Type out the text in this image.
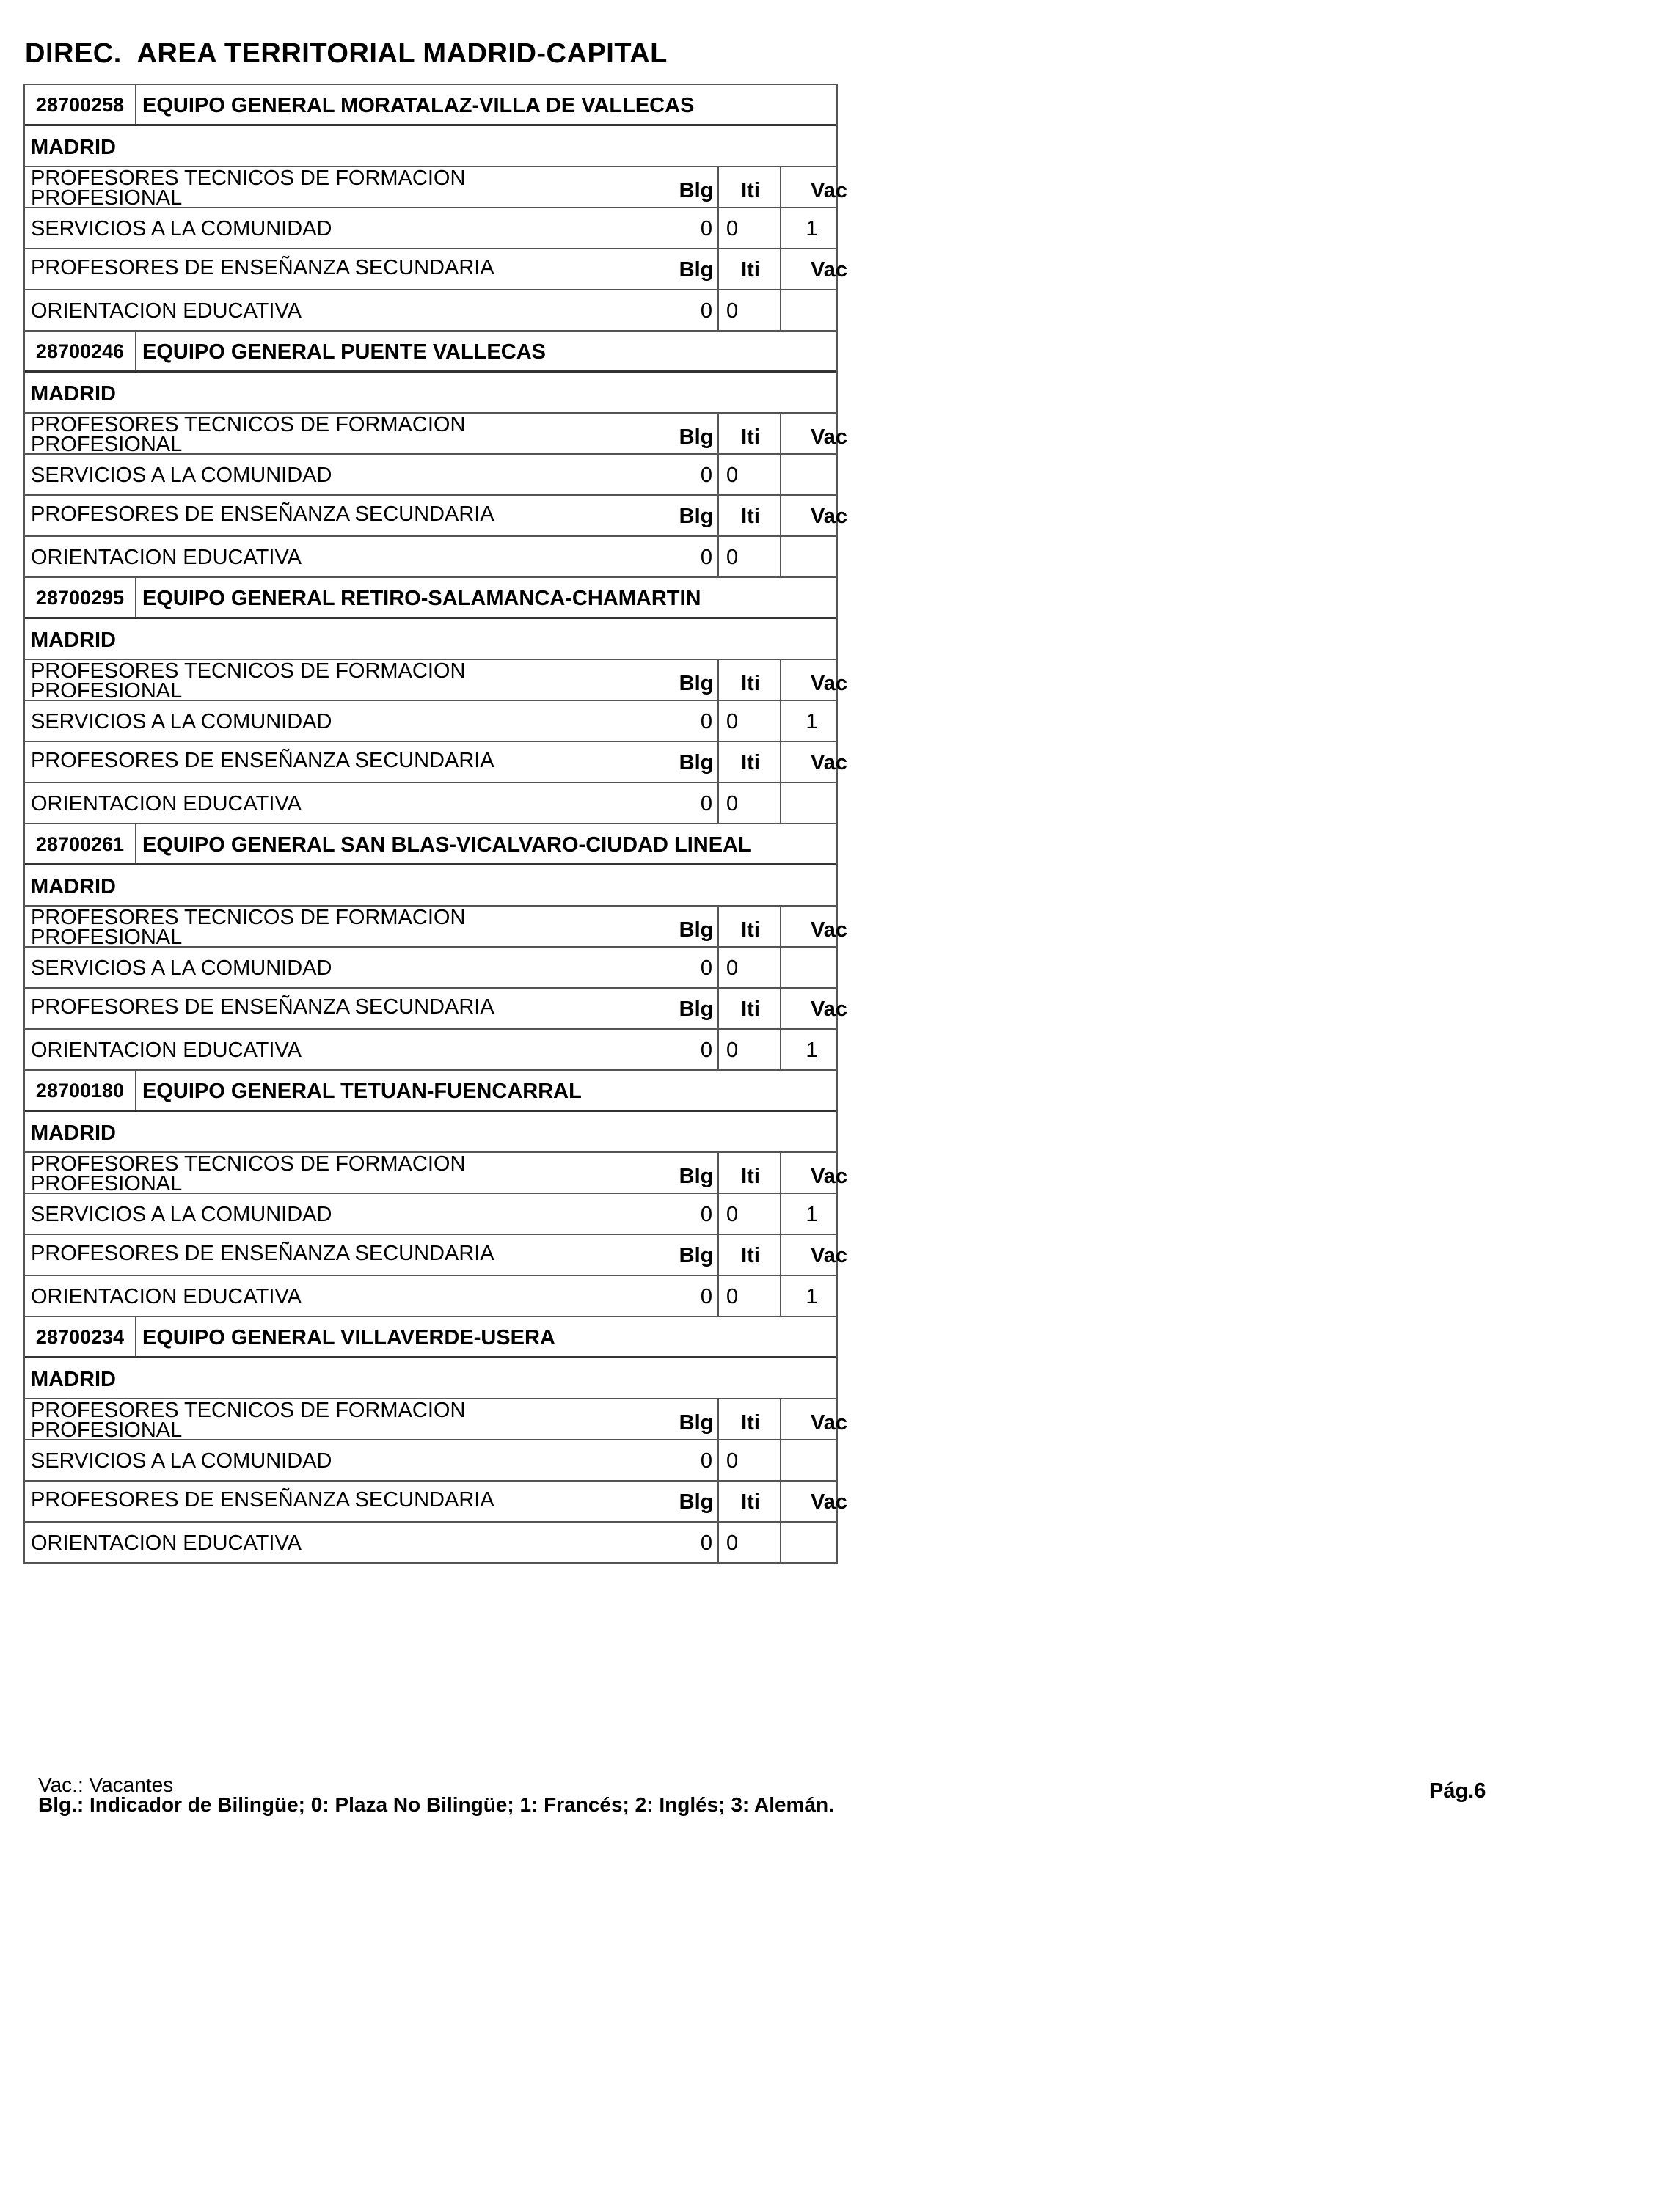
DIREC.  AREA TERRITORIAL MADRID-CAPITAL
28700258 EQUIPO GENERAL MORATALAZ-VILLA DE VALLECAS
MADRID
PROFESORES TECNICOS DE FORMACION
PROFESIONAL	Blg	Iti	Vac
SERVICIOS A LA COMUNIDAD	0 0	1
PROFESORES DE ENSEÑANZA SECUNDARIA	Blg	Iti	Vac
ORIENTACION EDUCATIVA	0 0
28700246 EQUIPO GENERAL PUENTE VALLECAS
MADRID
PROFESORES TECNICOS DE FORMACION
PROFESIONAL	Blg	Iti	Vac
SERVICIOS A LA COMUNIDAD	0 0
PROFESORES DE ENSEÑANZA SECUNDARIA	Blg	Iti	Vac
ORIENTACION EDUCATIVA	0 0
28700295 EQUIPO GENERAL RETIRO-SALAMANCA-CHAMARTIN
MADRID
PROFESORES TECNICOS DE FORMACION
PROFESIONAL	Blg	Iti	Vac
SERVICIOS A LA COMUNIDAD	0 0	1
PROFESORES DE ENSEÑANZA SECUNDARIA	Blg	Iti	Vac
ORIENTACION EDUCATIVA	0 0
28700261 EQUIPO GENERAL SAN BLAS-VICALVARO-CIUDAD LINEAL
MADRID
PROFESORES TECNICOS DE FORMACION
PROFESIONAL	Blg	Iti	Vac
SERVICIOS A LA COMUNIDAD	0 0
PROFESORES DE ENSEÑANZA SECUNDARIA	Blg	Iti	Vac
ORIENTACION EDUCATIVA	0 0	1
28700180 EQUIPO GENERAL TETUAN-FUENCARRAL
MADRID
PROFESORES TECNICOS DE FORMACION
PROFESIONAL	Blg	Iti	Vac
SERVICIOS A LA COMUNIDAD	0 0	1
PROFESORES DE ENSEÑANZA SECUNDARIA	Blg	Iti	Vac
ORIENTACION EDUCATIVA	0 0	1
28700234 EQUIPO GENERAL VILLAVERDE-USERA
MADRID
PROFESORES TECNICOS DE FORMACION
PROFESIONAL	Blg	Iti	Vac
SERVICIOS A LA COMUNIDAD	0 0
PROFESORES DE ENSEÑANZA SECUNDARIA	Blg	Iti	Vac
ORIENTACION EDUCATIVA	0 0
Vac.: Vacantes
Blg.: Indicador de Bilingüe; 0: Plaza No Bilingüe; 1: Francés; 2: Inglés; 3: Alemán.
Pág.6
